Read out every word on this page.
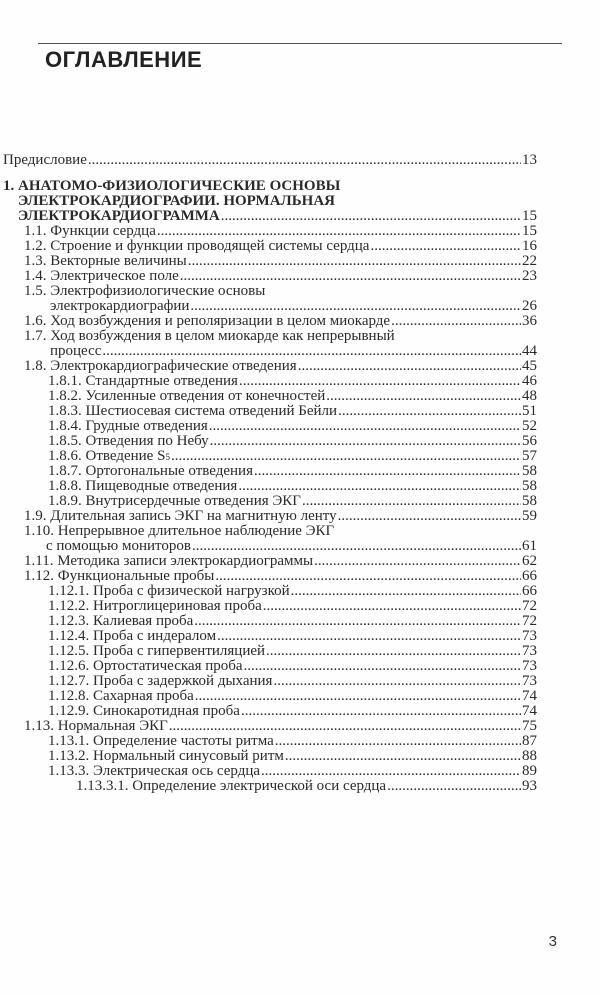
ОГЛАВЛЕНИЕ
Предисловие .....	13
1. АНАТОМО-ФИЗИОЛОГИЧЕСКИЕ ОСНОВЫ
ЭЛЕКТРОКАРДИОГРАФИИ. НОРМАЛЬНАЯ
ЭЛЕКТРОКАРДИОГРАММА .....	15
1.1. Функции сердца .....	15
1.2. Строение и функции проводящей системы сердца .....	16
1.3. Векторные величины .....	22
1.4. Электрическое поле .....	23
1.5. Электрофизиологические основы
электрокардиографии .....	26
1.6. Ход возбуждения и реполяризации в целом миокарде .....	36
1.7. Ход возбуждения в целом миокарде как непрерывный
процесс .....	44
1.8. Электрокардиографические отведения .....	45
1.8.1. Стандартные отведения .....	46
1.8.2. Усиленные отведения от конечностей .....	48
1.8.3. Шестиосевая система отведений Бейли .....	51
1.8.4. Грудные отведения .....	52
1.8.5. Отведения по Небу .....	56
1.8.6. Отведение S 5 .....	57
1.8.7. Ортогональные отведения .....	58
1.8.8. Пищеводные отведения .....	58
1.8.9. Внутрисердечные отведения ЭКГ .....	58
1.9. Длительная запись ЭКГ на магнитную ленту .....	59
1.10. Непрерывное длительное наблюдение ЭКГ
с помощью мониторов .....	61
1.11. Методика записи электрокардиограммы .....	62
1.12. Функциональные пробы .....	66
1.12.1. Проба с физической нагрузкой .....	66
1.12.2. Нитроглицериновая проба .....	72
1.12.3. Калиевая проба .....	72
1.12.4. Проба с индералом .....	73
1.12.5. Проба с гипервентиляцией .....	73
1.12.6. Ортостатическая проба .....	73
1.12.7. Проба с задержкой дыхания .....	73
1.12.8. Сахарная проба .....	74
1.12.9. Синокаротидная проба .....	74
1.13. Нормальная ЭКГ .....	75
1.13.1. Определение частоты ритма .....	87
1.13.2. Нормальный синусовый ритм .....	88
1.13.3. Электрическая ось сердца .....	89
1.13.3.1. Определение электрической оси сердца .....	93
3
